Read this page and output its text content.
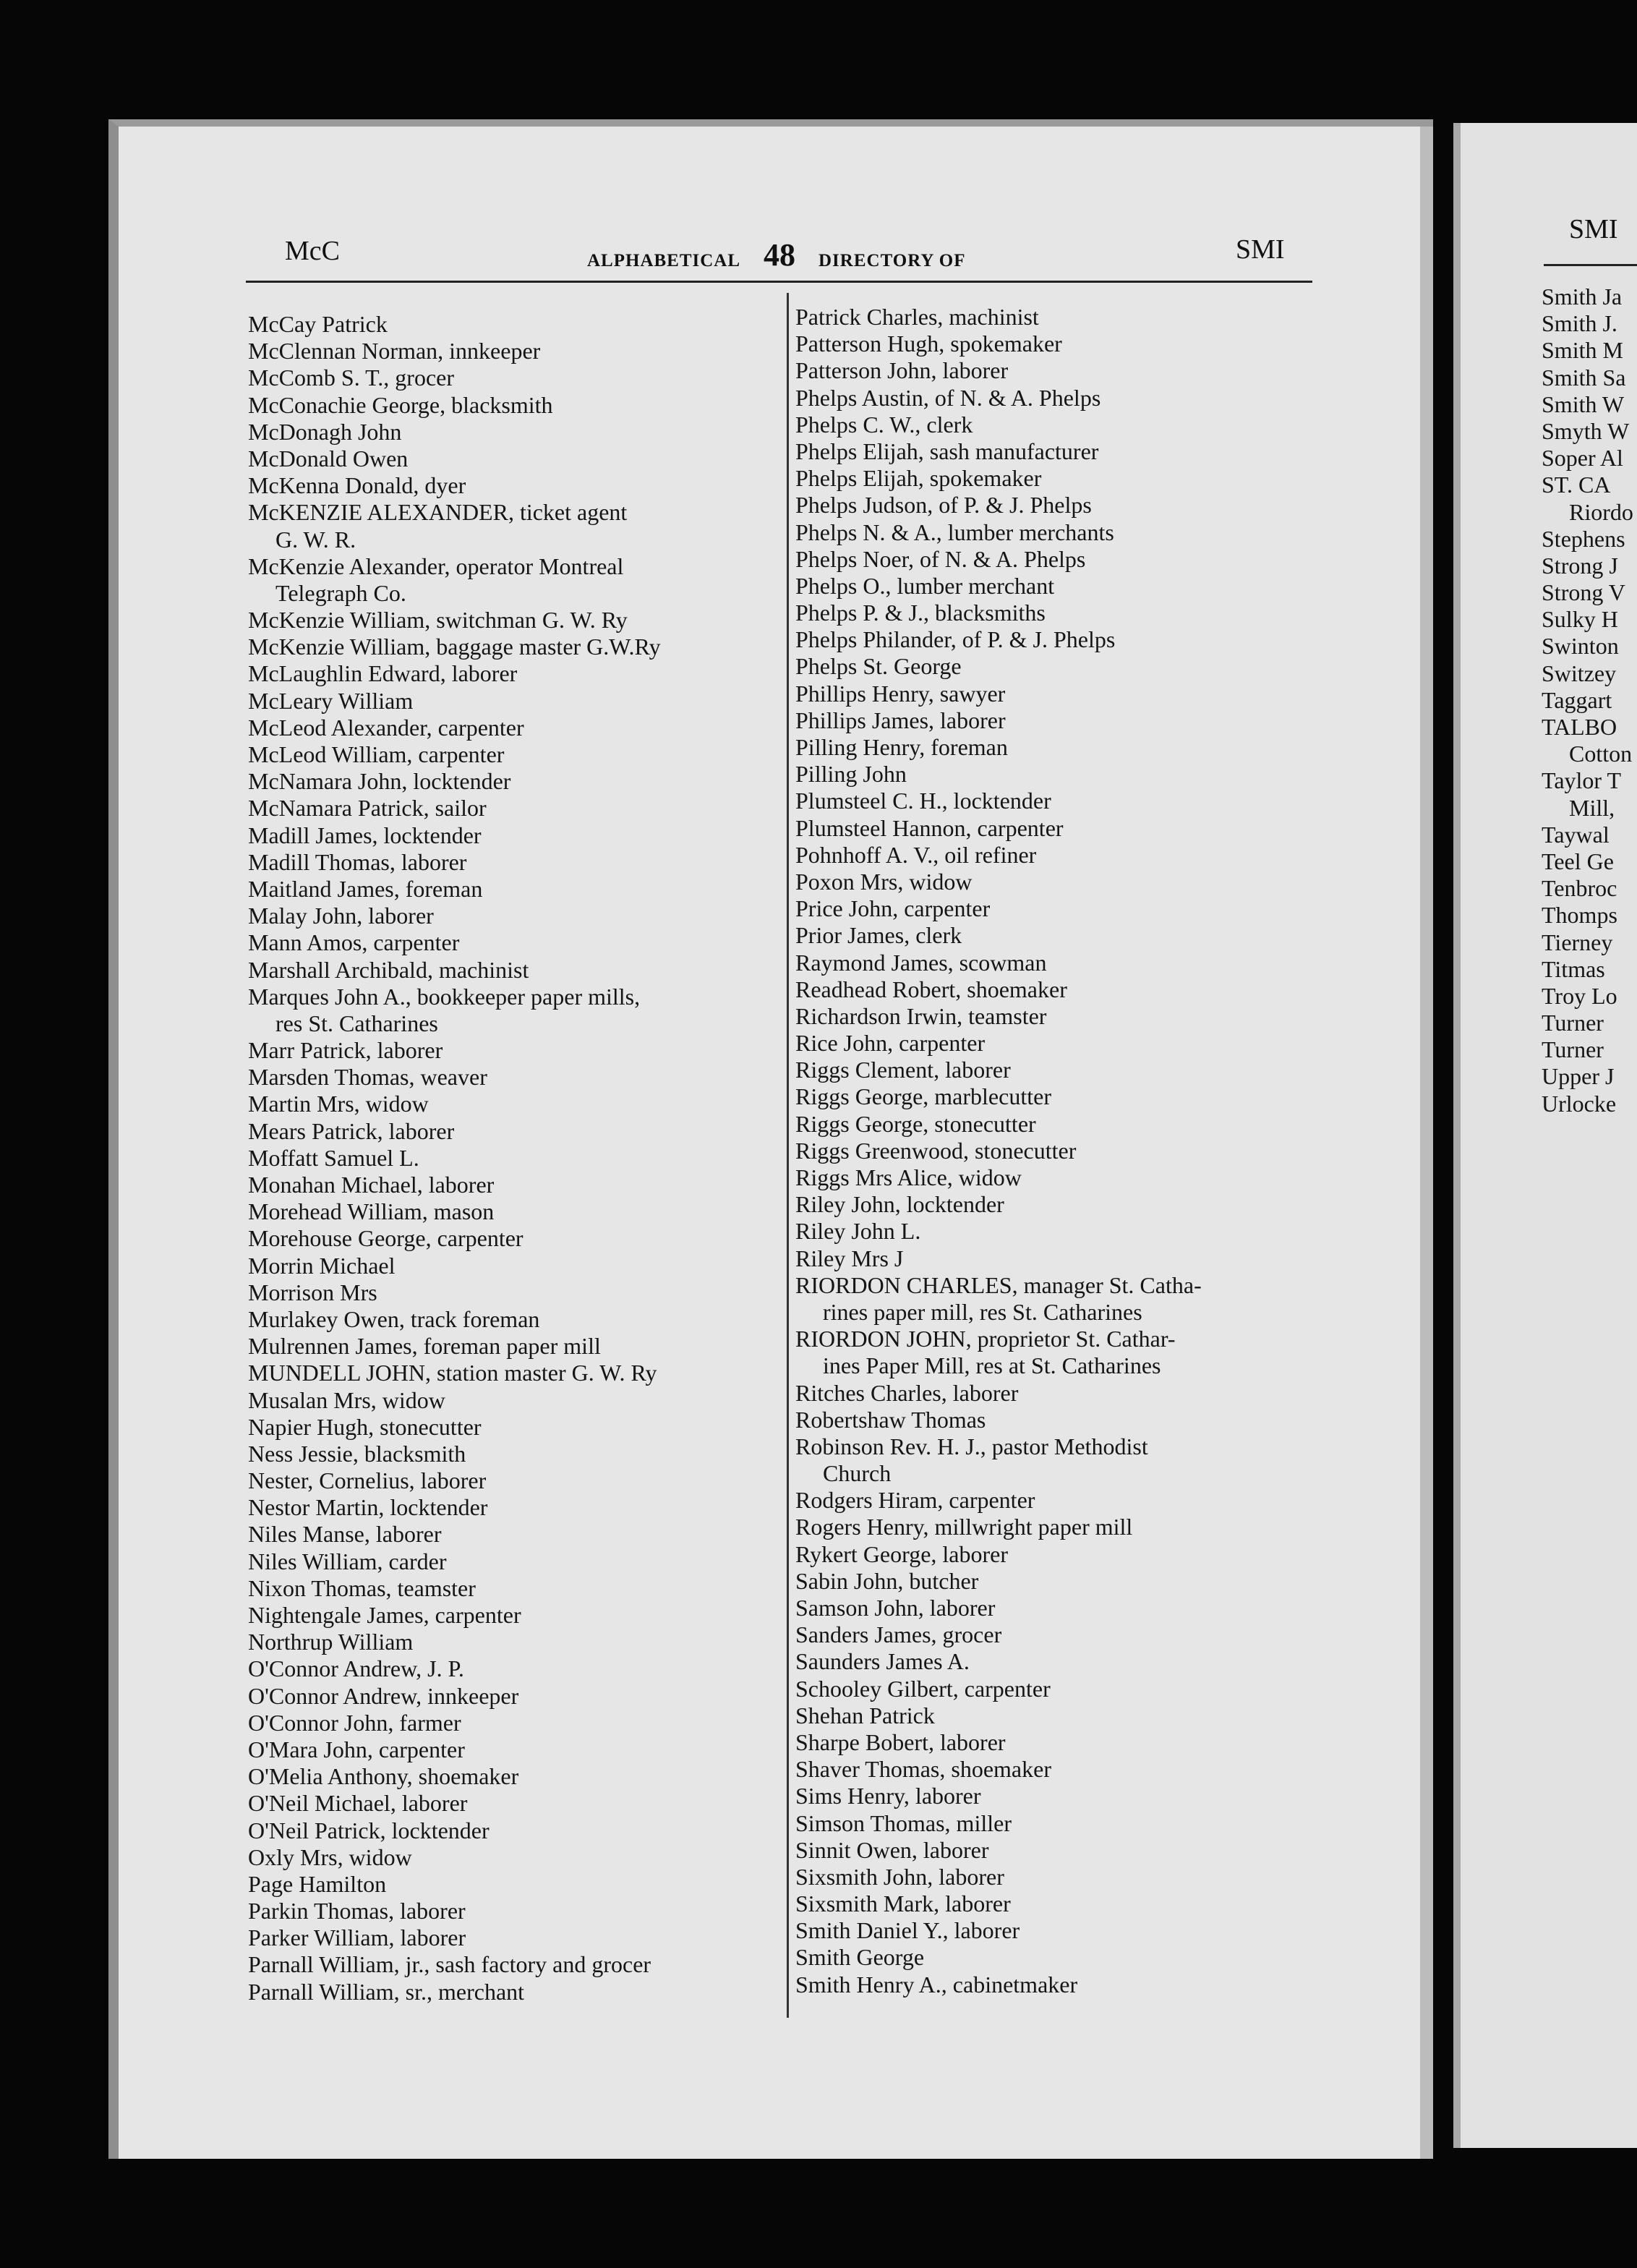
McC	ALPHABETICAL 48 DIRECTORY OF	SMI
McCay Patrick
McClennan Norman, innkeeper
McComb S. T., grocer
McConachie George, blacksmith
McDonagh John
McDonald Owen
McKenna Donald, dyer
McKENZIE ALEXANDER, ticket agent
G. W. R.
McKenzie Alexander, operator Montreal
Telegraph Co.
McKenzie William, switchman G. W. Ry
McKenzie William, baggage master G.W.Ry
McLaughlin Edward, laborer
McLeary William
McLeod Alexander, carpenter
McLeod William, carpenter
McNamara John, locktender
McNamara Patrick, sailor
Madill James, locktender
Madill Thomas, laborer
Maitland James, foreman
Malay John, laborer
Mann Amos, carpenter
Marshall Archibald, machinist
Marques John A., bookkeeper paper mills,
res St. Catharines
Marr Patrick, laborer
Marsden Thomas, weaver
Martin Mrs, widow
Mears Patrick, laborer
Moffatt Samuel L.
Monahan Michael, laborer
Morehead William, mason
Morehouse George, carpenter
Morrin Michael
Morrison Mrs
Murlakey Owen, track foreman
Mulrennen James, foreman paper mill
MUNDELL JOHN, station master G. W. Ry
Musalan Mrs, widow
Napier Hugh, stonecutter
Ness Jessie, blacksmith
Nester, Cornelius, laborer
Nestor Martin, locktender
Niles Manse, laborer
Niles William, carder
Nixon Thomas, teamster
Nightengale James, carpenter
Northrup William
O'Connor Andrew, J. P.
O'Connor Andrew, innkeeper
O'Connor John, farmer
O'Mara John, carpenter
O'Melia Anthony, shoemaker
O'Neil Michael, laborer
O'Neil Patrick, locktender
Oxly Mrs, widow
Page Hamilton
Parkin Thomas, laborer
Parker William, laborer
Parnall William, jr., sash factory and grocer
Parnall William, sr., merchant
Patrick Charles, machinist
Patterson Hugh, spokemaker
Patterson John, laborer
Phelps Austin, of N. & A. Phelps
Phelps C. W., clerk
Phelps Elijah, sash manufacturer
Phelps Elijah, spokemaker
Phelps Judson, of P. & J. Phelps
Phelps N. & A., lumber merchants
Phelps Noer, of N. & A. Phelps
Phelps O., lumber merchant
Phelps P. & J., blacksmiths
Phelps Philander, of P. & J. Phelps
Phelps St. George
Phillips Henry, sawyer
Phillips James, laborer
Pilling Henry, foreman
Pilling John
Plumsteel C. H., locktender
Plumsteel Hannon, carpenter
Pohnhoff A. V., oil refiner
Poxon Mrs, widow
Price John, carpenter
Prior James, clerk
Raymond James, scowman
Readhead Robert, shoemaker
Richardson Irwin, teamster
Rice John, carpenter
Riggs Clement, laborer
Riggs George, marblecutter
Riggs George, stonecutter
Riggs Greenwood, stonecutter
Riggs Mrs Alice, widow
Riley John, locktender
Riley John L.
Riley Mrs J
RIORDON CHARLES, manager St. Catha-
rines paper mill, res St. Catharines
RIORDON JOHN, proprietor St. Cathar-
ines Paper Mill, res at St. Catharines
Ritches Charles, laborer
Robertshaw Thomas
Robinson Rev. H. J., pastor Methodist
Church
Rodgers Hiram, carpenter
Rogers Henry, millwright paper mill
Rykert George, laborer
Sabin John, butcher
Samson John, laborer
Sanders James, grocer
Saunders James A.
Schooley Gilbert, carpenter
Shehan Patrick
Sharpe Bobert, laborer
Shaver Thomas, shoemaker
Sims Henry, laborer
Simson Thomas, miller
Sinnit Owen, laborer
Sixsmith John, laborer
Sixsmith Mark, laborer
Smith Daniel Y., laborer
Smith George
Smith Henry A., cabinetmaker
SMI
Smith Ja
Smith J.
Smith M
Smith Sa
Smith W
Smyth W
Soper Al
ST. CA
Riordo
Stephens
Strong J
Strong V
Sulky H
Swinton
Switzey
Taggart
TALBO
Cotton
Taylor T
Mill,
Taywal
Teel Ge
Tenbroc
Thomps
Tierney
Titmas
Troy Lo
Turner
Turner
Upper J
Urlocke
